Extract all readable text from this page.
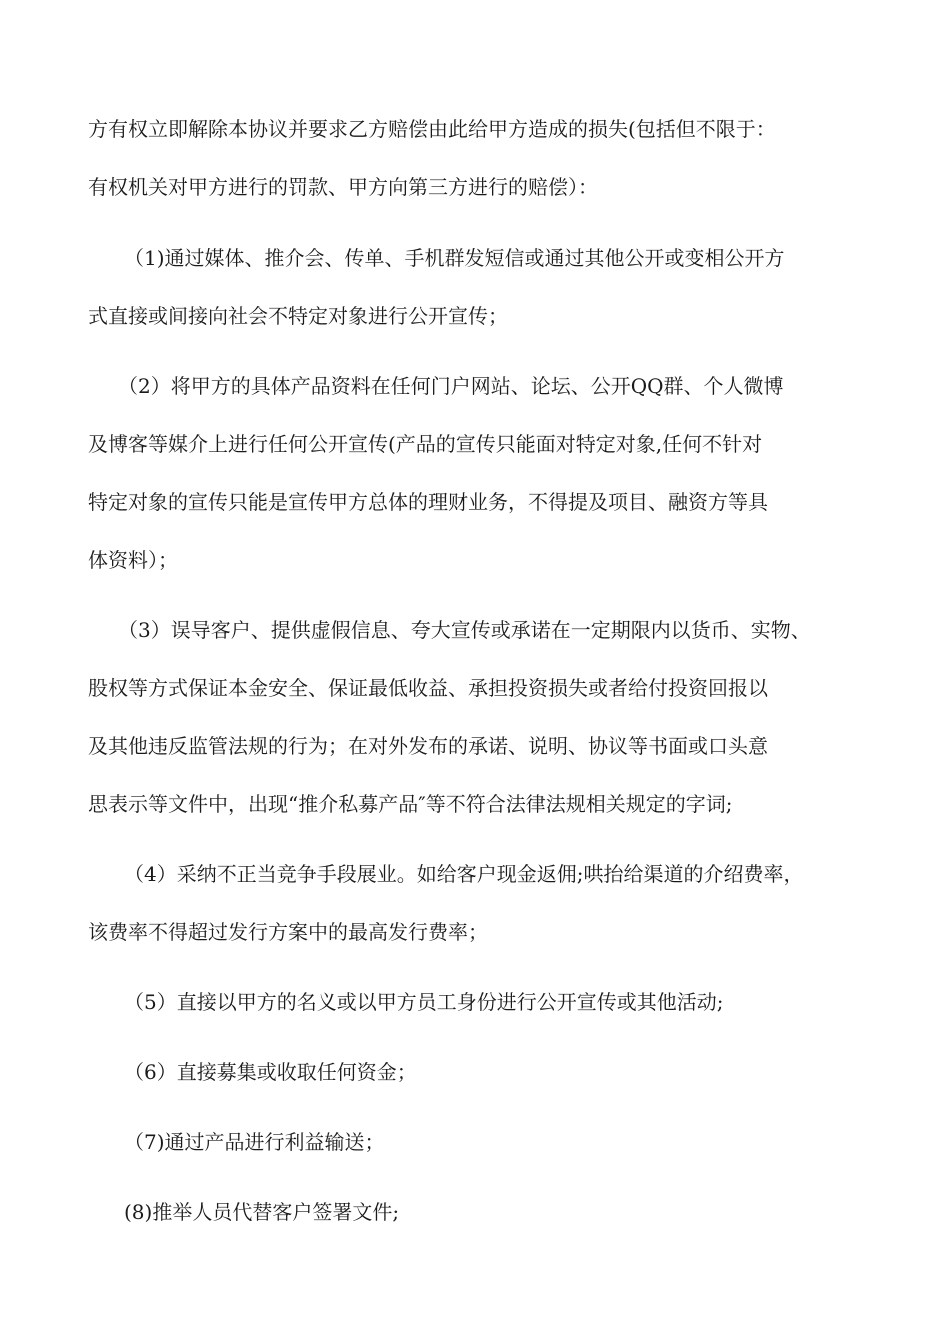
方有权立即解除本协议并要求乙方赔偿由此给甲方造成的损失(包括但不限于：
有权机关对甲方进行的罚款、甲方向第三方进行的赔偿）：
（1)通过媒体、推介会、传单、手机群发短信或通过其他公开或变相公开方
式直接或间接向社会不特定对象进行公开宣传；
（2）将甲方的具体产品资料在任何门户网站、论坛、公开QQ群、个人微博
及博客等媒介上进行任何公开宣传(产品的宣传只能面对特定对象,任何不针对
特定对象的宣传只能是宣传甲方总体的理财业务，不得提及项目、融资方等具
体资料）；
（3）误导客户、提供虚假信息、夸大宣传或承诺在一定期限内以货币、实物、
股权等方式保证本金安全、保证最低收益、承担投资损失或者给付投资回报以
及其他违反监管法规的行为；在对外发布的承诺、说明、协议等书面或口头意
思表示等文件中，出现“推介私募产品″等不符合法律法规相关规定的字词;
（4）采纳不正当竞争手段展业。如给客户现金返佣;哄抬给渠道的介绍费率，
该费率不得超过发行方案中的最高发行费率；
（5）直接以甲方的名义或以甲方员工身份进行公开宣传或其他活动;
（6）直接募集或收取任何资金；
（7)通过产品进行利益输送；
(8)推举人员代替客户签署文件;
